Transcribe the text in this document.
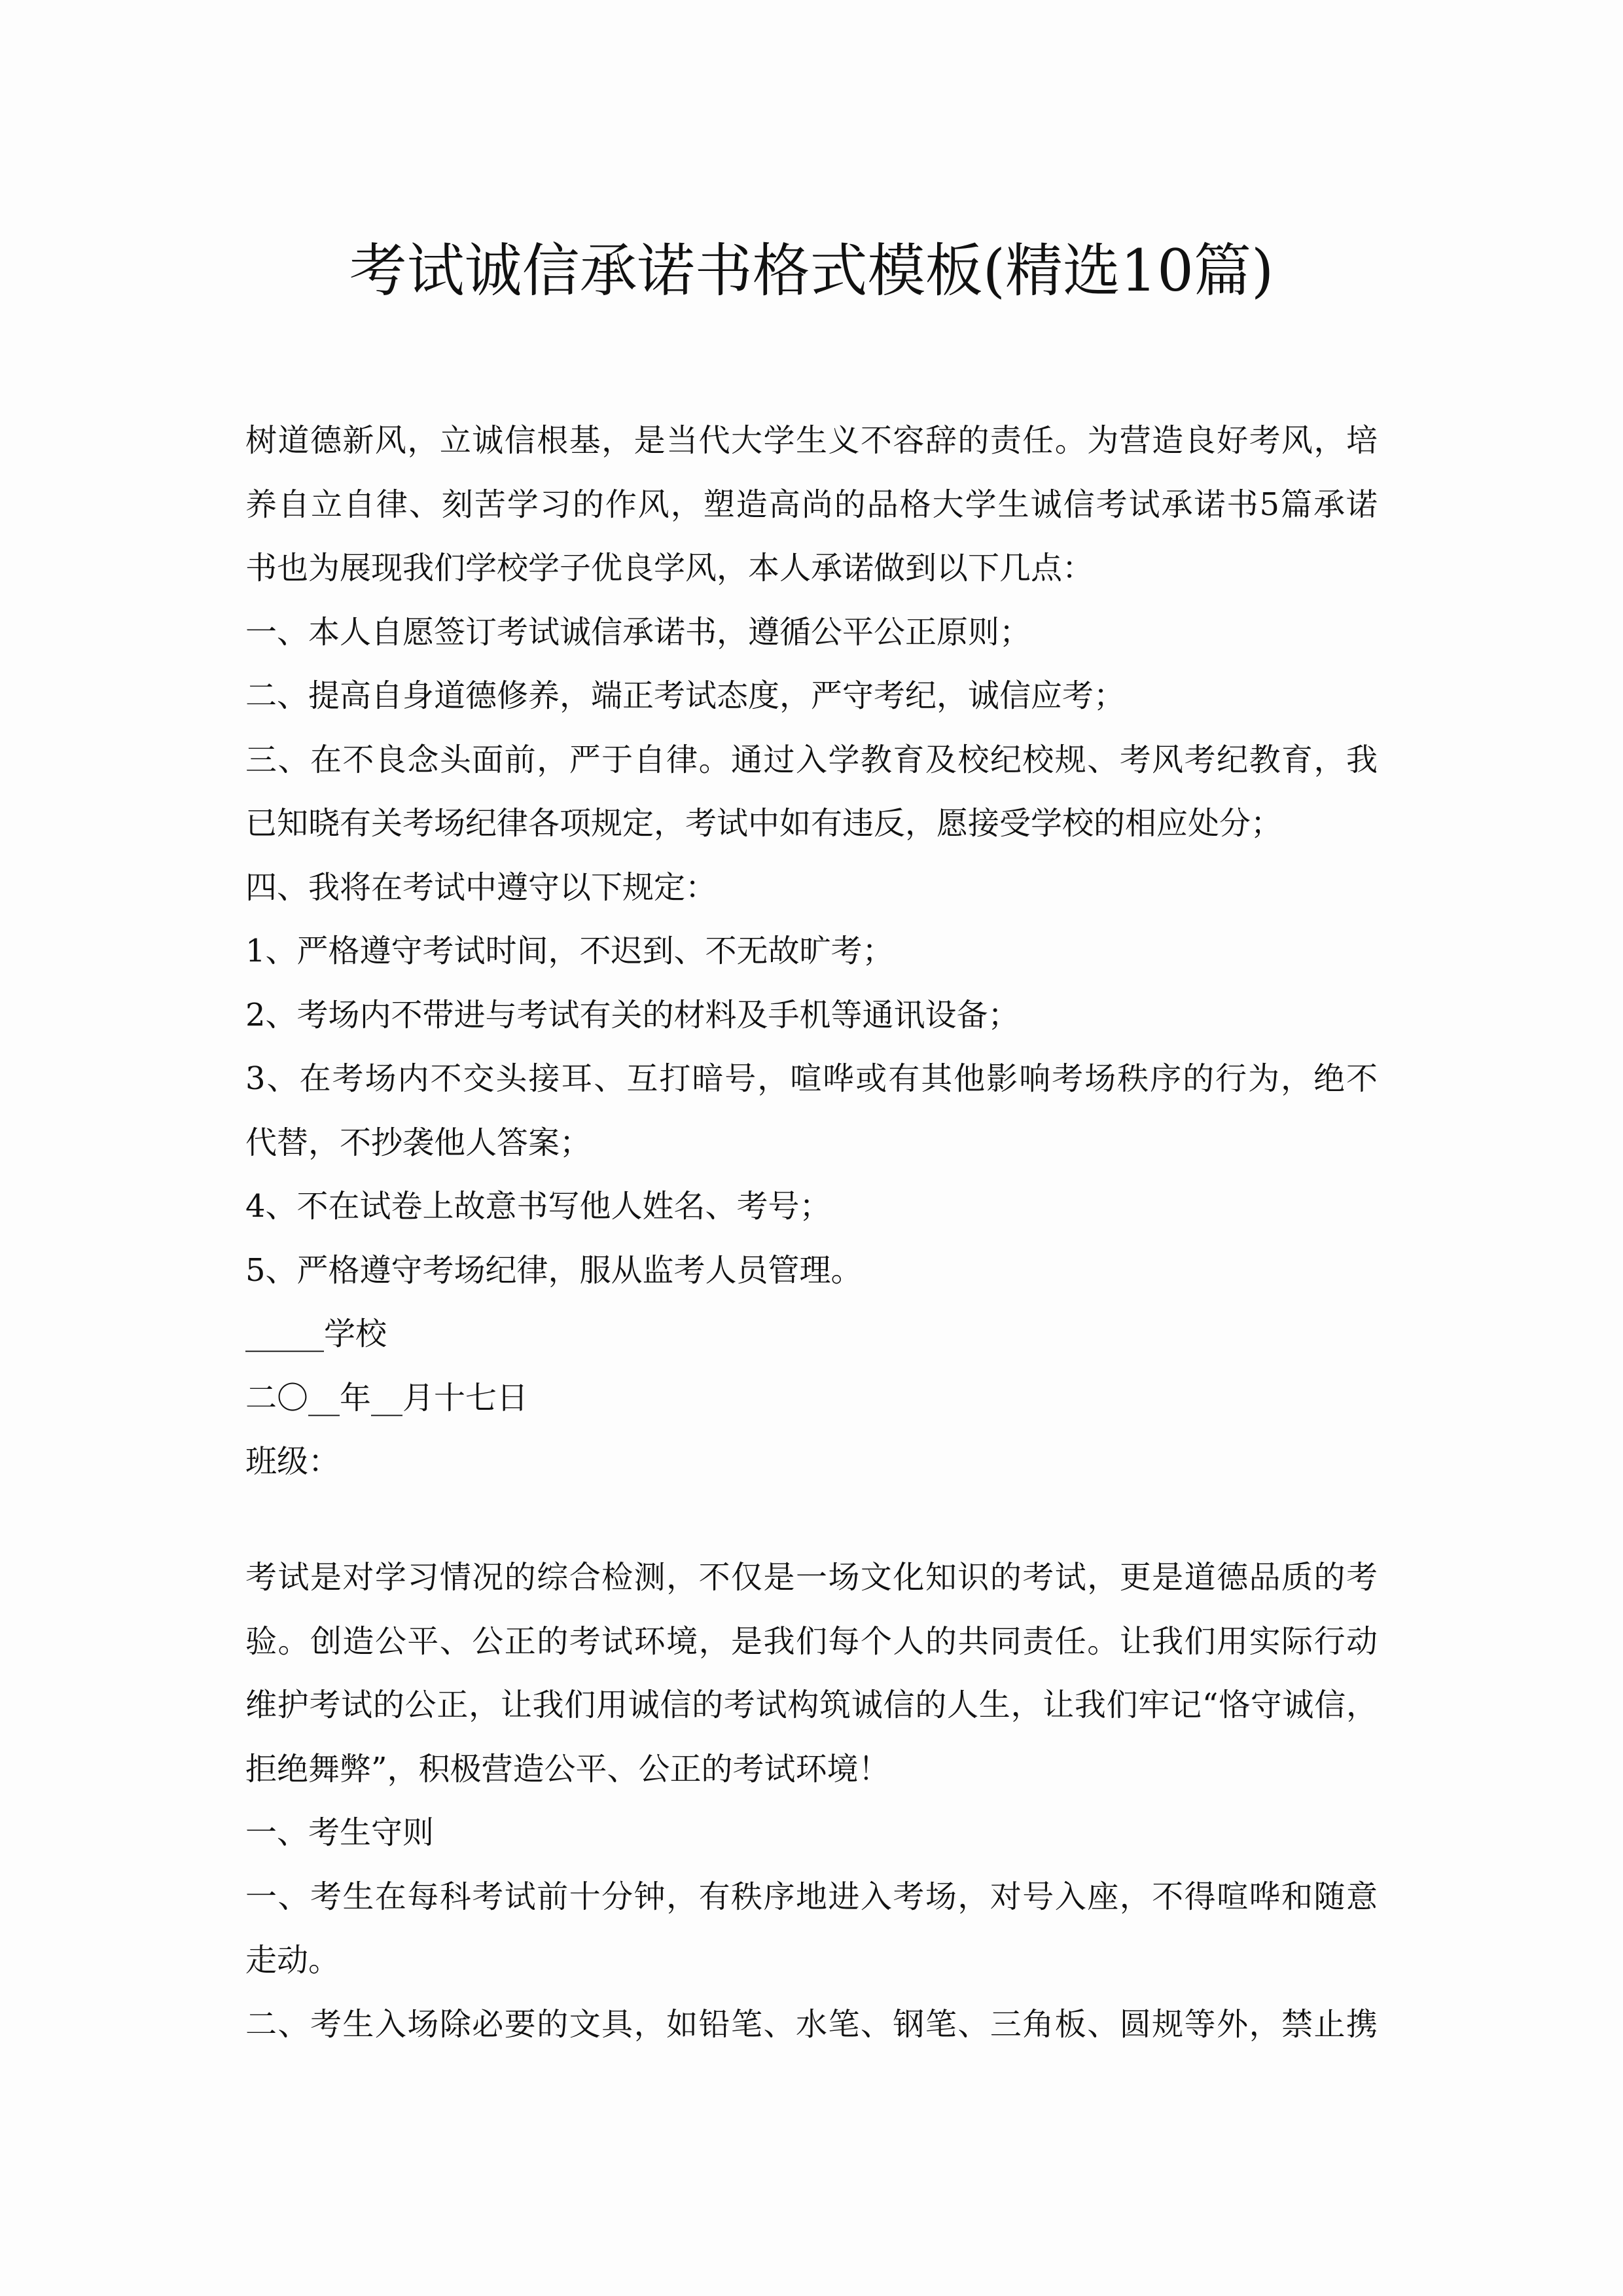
考试诚信承诺书格式模板(精选10篇)
树道德新风，立诚信根基，是当代大学生义不容辞的责任。为营造良好考风，培
养自立自律、刻苦学习的作风，塑造高尚的品格大学生诚信考试承诺书5篇承诺
书也为展现我们学校学子优良学风，本人承诺做到以下几点：
一、本人自愿签订考试诚信承诺书，遵循公平公正原则；
二、提高自身道德修养，端正考试态度，严守考纪，诚信应考；
三、在不良念头面前，严于自律。通过入学教育及校纪校规、考风考纪教育，我
已知晓有关考场纪律各项规定，考试中如有违反，愿接受学校的相应处分；
四、我将在考试中遵守以下规定：
1、严格遵守考试时间，不迟到、不无故旷考；
2、考场内不带进与考试有关的材料及手机等通讯设备；
3、在考场内不交头接耳、互打暗号，喧哗或有其他影响考场秩序的行为，绝不
代替，不抄袭他人答案；
4、不在试卷上故意书写他人姓名、考号；
5、严格遵守考场纪律，服从监考人员管理。
_____学校
二〇__年__月十七日
班级：
考试是对学习情况的综合检测，不仅是一场文化知识的考试，更是道德品质的考
验。创造公平、公正的考试环境，是我们每个人的共同责任。让我们用实际行动
维护考试的公正，让我们用诚信的考试构筑诚信的人生，让我们牢记“恪守诚信，
拒绝舞弊”，积极营造公平、公正的考试环境！
一、考生守则
一、考生在每科考试前十分钟，有秩序地进入考场，对号入座，不得喧哗和随意
走动。
二、考生入场除必要的文具，如铅笔、水笔、钢笔、三角板、圆规等外，禁止携
